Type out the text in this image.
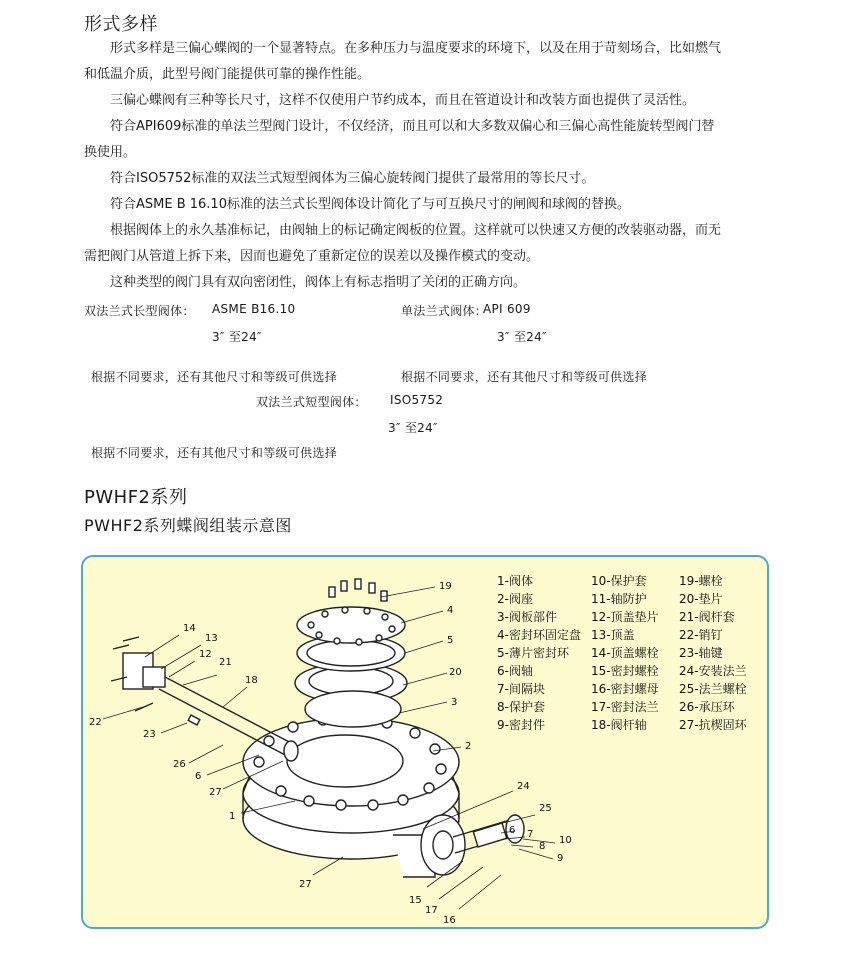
形式多样

形式多样是三偏心蝶阀的一个显著特点。在多种压力与温度要求的环境下，以及在用于苛刻场合，比如燃气和低温介质，此型号阀门能提供可靠的操作性能。

三偏心蝶阀有三种等长尺寸，这样不仅使用户节约成本，而且在管道设计和改装方面也提供了灵活性。

符合API609标准的单法兰型阀门设计，不仅经济，而且可以和大多数双偏心和三偏心高性能旋转型阀门替换使用。

符合ISO5752标准的双法兰式短型阀体为三偏心旋转阀门提供了最常用的等长尺寸。

符合ASME B 16.10标准的法兰式长型阀体设计简化了与可互换尺寸的闸阀和球阀的替换。

根据阀体上的永久基准标记，由阀轴上的标记确定阀板的位置。这样就可以快速又方便的改装驱动器，而无需把阀门从管道上拆下来，因而也避免了重新定位的误差以及操作模式的变动。

这种类型的阀门具有双向密闭性，阀体上有标志指明了关闭的正确方向。

双法兰式长型阀体： ASME B16.10
3″ 至24″
单法兰式阀体：
API 609
3″ 至24″
根据不同要求，还有其他尺寸和等级可供选择	根据不同要求，还有其他尺寸和等级可供选择
双法兰式短型阀体： ISO5752
3″ 至24″
根据不同要求，还有其他尺寸和等级可供选择
PWHF2系列
PWHF2系列蝶阀组装示意图
19
4
5
20
3
2
14
13
12
21
18
22
23
26
6
27
1
24
25
6 7
8
10
9
27
15
17
16
1-阀体	10-保护套	19-螺栓
2-阀座	11-轴防护	20-垫片
3-阀板部件	12-顶盖垫片 21-阀杆套
4-密封环固定盘 13-顶盖	22-销钉
5-薄片密封环 14-顶盖螺栓 23-轴键
6-阀轴	15-密封螺栓 24-安装法兰
7-间隔块	16-密封螺母 25-法兰螺栓
8-保护套	17-密封法兰 26-承压环
9-密封件	18-阀杆轴	27-抗楔固环
